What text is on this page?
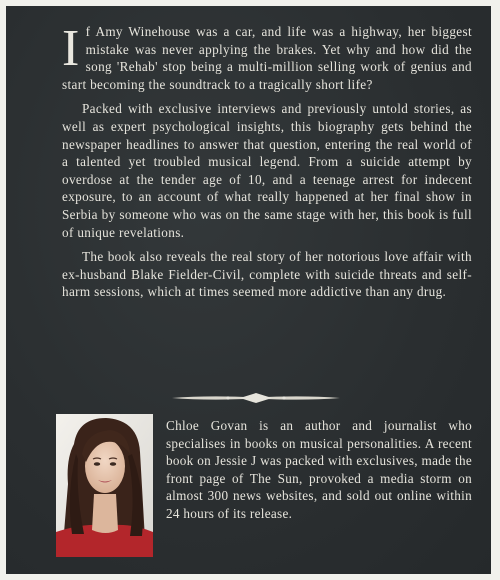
If Amy Winehouse was a car, and life was a highway, her biggest mistake was never applying the brakes. Yet why and how did the song 'Rehab' stop being a multi-million selling work of genius and start becoming the soundtrack to a tragically short life?

Packed with exclusive interviews and previously untold stories, as well as expert psychological insights, this biography gets behind the newspaper headlines to answer that question, entering the real world of a talented yet troubled musical legend. From a suicide attempt by overdose at the tender age of 10, and a teenage arrest for indecent exposure, to an account of what really happened at her final show in Serbia by someone who was on the same stage with her, this book is full of unique revelations.

The book also reveals the real story of her notorious love affair with ex-husband Blake Fielder-Civil, complete with suicide threats and self-harm sessions, which at times seemed more addictive than any drug.

Chloe Govan is an author and journalist who specialises in books on musical personalities. A recent book on Jessie J was packed with exclusives, made the front page of The Sun, provoked a media storm on almost 300 news websites, and sold out online within 24 hours of its release.
